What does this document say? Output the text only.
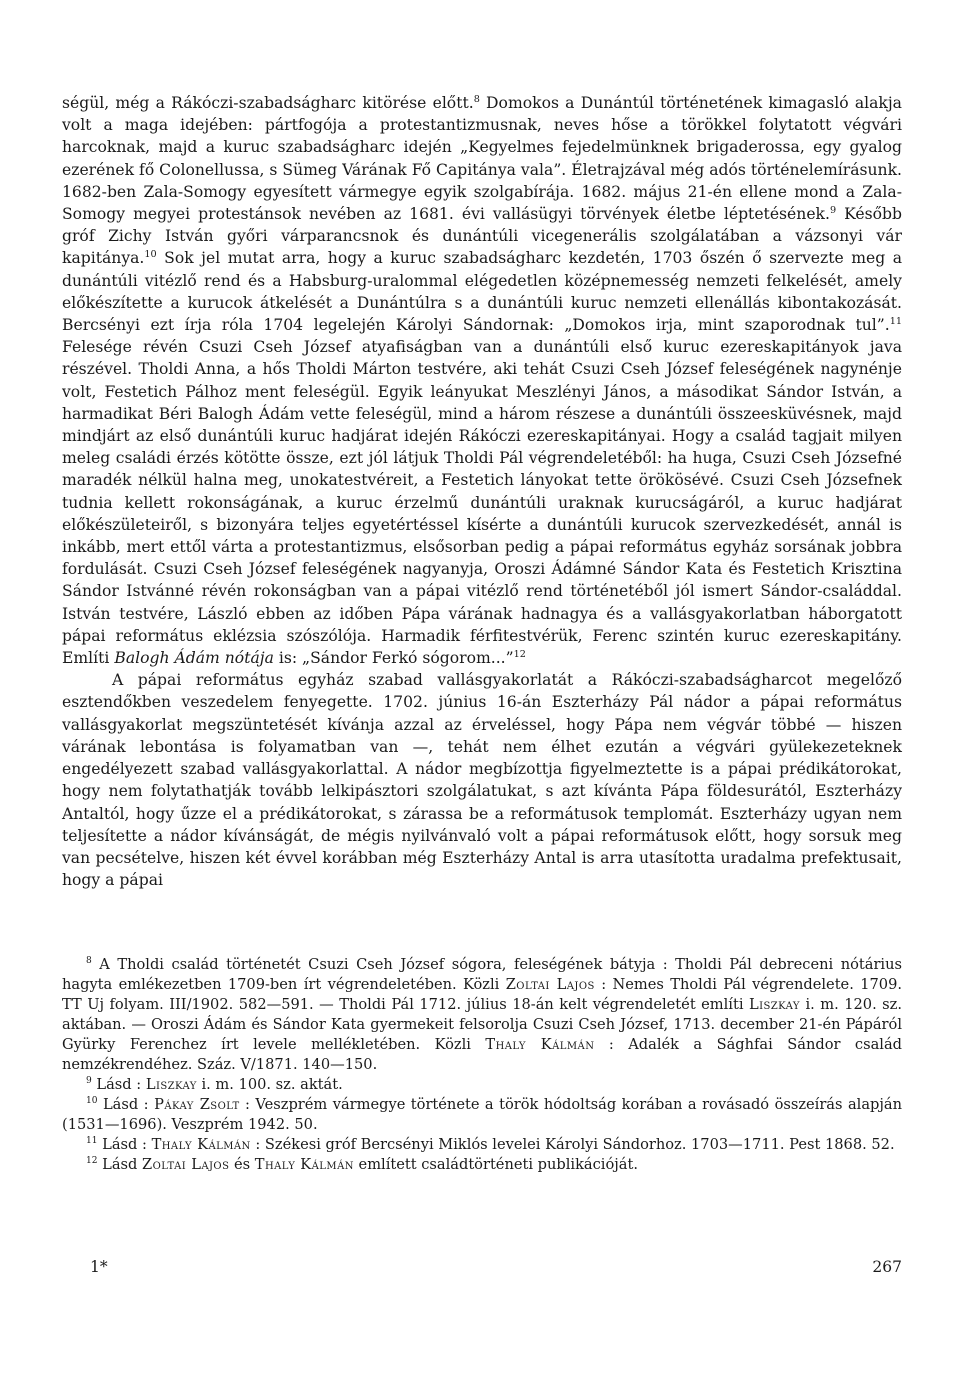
ségül, még a Rákóczi-szabadságharc kitörése előtt.$^8$ Domokos a Dunántúl történetének kimagasló alakja volt a maga idejében: pártfogója a protestantizmusnak, neves hőse a törökkel folytatott végvári harcoknak, majd a kuruc szabadságharc idején „Kegyelmes fejedelmünknek brigaderossa, egy gyalog ezerének fő Colonellussa, s Sümeg Várának Fő Capitánya vala”. Életrajzával még adós történelemírásunk. 1682-ben Zala-Somogy egyesített vármegye egyik szolgabírája. 1682. május 21-én ellene mond a Zala-Somogy megyei protestánsok nevében az 1681. évi vallásügyi törvények életbe léptetésének.$^9$ Később gróf Zichy István győri várparancsnok és dunántúli vicegenerális szolgálatában a vázsonyi vár kapitánya.$^{10}$ Sok jel mutat arra, hogy a kuruc szabadságharc kezdetén, 1703 őszén ő szervezte meg a dunántúli vitézlő rend és a Habsburg-uralommal elégedetlen középnemesség nemzeti felkelését, amely előkészítette a kurucok átkelését a Dunántúlra s a dunántúli kuruc nemzeti ellenállás kibontakozását. Bercsényi ezt írja róla 1704 legelején Károlyi Sándornak: „Domokos irja, mint szaporodnak tul”.$^{11}$ Felesége révén Csuzi Cseh József atyafiságban van a dunántúli első kuruc ezereskapitányok java részével. Tholdi Anna, a hős Tholdi Márton testvére, aki tehát Csuzi Cseh József feleségének nagynénje volt, Festetich Pálhoz ment feleségül. Egyik leányukat Meszlényi János, a másodikat Sándor István, a harmadikat Béri Balogh Ádám vette feleségül, mind a három részese a dunántúli összeesküvésnek, majd mindjárt az első dunántúli kuruc hadjárat idején Rákóczi ezereskapitányai. Hogy a család tagjait milyen meleg családi érzés kötötte össze, ezt jól látjuk Tholdi Pál végrendeletéből: ha huga, Csuzi Cseh Józsefné maradék nélkül halna meg, unokatestvéreit, a Festetich lányokat tette örökösévé. Csuzi Cseh Józsefnek tudnia kellett rokonságának, a kuruc érzelmű dunántúli uraknak kurucságáról, a kuruc hadjárat előkészületeiről, s bizonyára teljes egyetértéssel kísérte a dunántúli kurucok szervezkedését, annál is inkább, mert ettől várta a protestantizmus, elsősorban pedig a pápai református egyház sorsának jobbra fordulását. Csuzi Cseh József feleségének nagyanyja, Oroszi Ádámné Sándor Kata és Festetich Krisztina Sándor Istvánné révén rokonságban van a pápai vitézlő rend történetéből jól ismert Sándor-családdal. István testvére, László ebben az időben Pápa várának hadnagya és a vallásgyakorlatban háborgatott pápai református eklézsia szószólója. Harmadik férfitestvérük, Ferenc szintén kuruc ezereskapitány. Említi Balogh Ádám nótája is: „Sándor Ferkó sógorom...”$^{12}$

A pápai református egyház szabad vallásgyakorlatát a Rákóczi-szabadságharcot megelőző esztendőkben veszedelem fenyegette. 1702. június 16-án Eszterházy Pál nádor a pápai református vallásgyakorlat megszüntetését kívánja azzal az érveléssel, hogy Pápa nem végvár többé — hiszen várának lebontása is folyamatban van —, tehát nem élhet ezután a végvári gyülekezeteknek engedélyezett szabad vallásgyakorlattal. A nádor megbízottja figyelmeztette is a pápai prédikátorokat, hogy nem folytathatják tovább lelkipásztori szolgálatukat, s azt kívánta Pápa földesurától, Eszterházy Antaltól, hogy űzze el a prédikátorokat, s zárassa be a reformátusok templomát. Eszterházy ugyan nem teljesítette a nádor kívánságát, de mégis nyilvánvaló volt a pápai reformátusok előtt, hogy sorsuk meg van pecsételve, hiszen két évvel korábban még Eszterházy Antal is arra utasította uradalma prefektusait, hogy a pápai

$^8$ A Tholdi család történetét Csuzi Cseh József sógora, feleségének bátyja : Tholdi Pál debreceni nótárius hagyta emlékezetben 1709-ben írt végrendeletében. Közli Zoltai Lajos : Nemes Tholdi Pál végrendelete. 1709. TT Uj folyam. III/1902. 582—591. — Tholdi Pál 1712. július 18-án kelt végrendeletét említi Liszkay i. m. 120. sz. aktában. — Oroszi Ádám és Sándor Kata gyermekeit felsorolja Csuzi Cseh József, 1713. december 21-én Pápáról Gyürky Ferenchez írt levele mellékletében. Közli Thaly Kálmán : Adalék a Sághfai Sándor család nemzékrendéhez. Száz. V/1871. 140—150.

$^9$ Lásd : Liszkay i. m. 100. sz. aktát.

$^{10}$ Lásd : Pákay Zsolt : Veszprém vármegye története a török hódoltság korában a rovásadó összeírás alapján (1531—1696). Veszprém 1942. 50.

$^{11}$ Lásd : Thaly Kálmán : Székesi gróf Bercsényi Miklós levelei Károlyi Sándorhoz. 1703—1711. Pest 1868. 52.

$^{12}$ Lásd Zoltai Lajos és Thaly Kálmán említett családtörténeti publikációját.

1*	267
